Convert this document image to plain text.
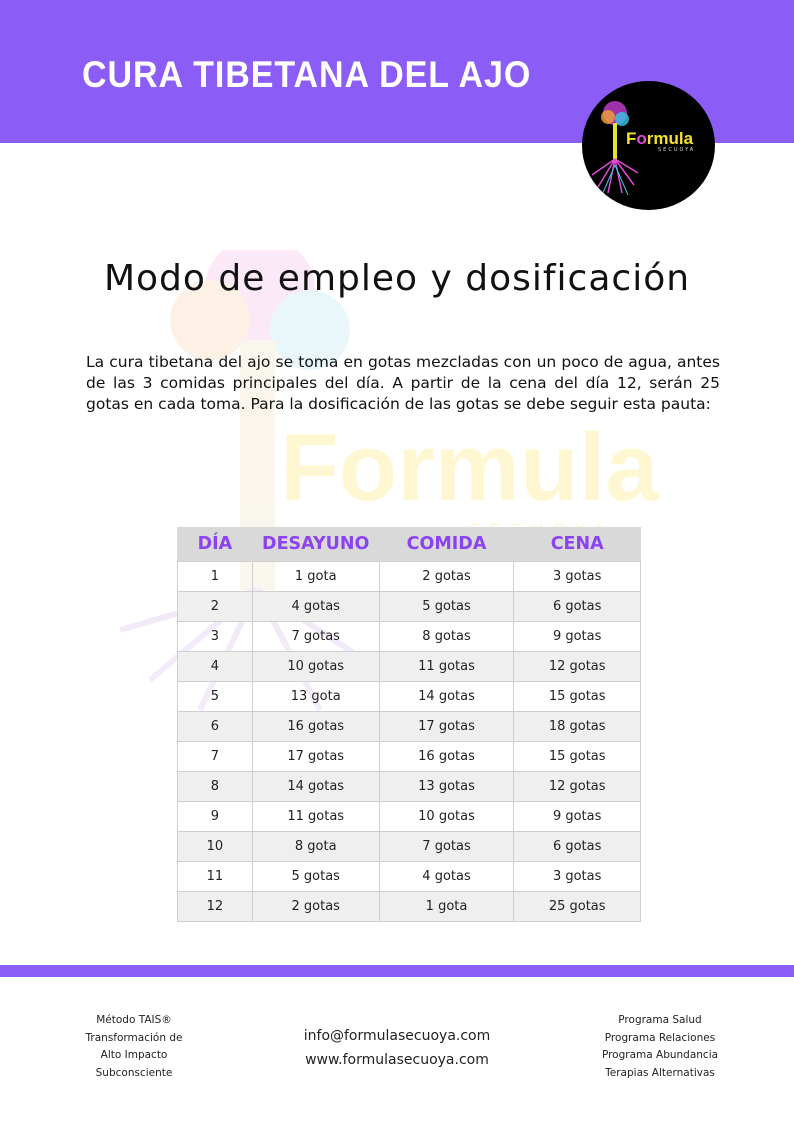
CURA TIBETANA DEL AJO
Formula
SECUOYA
Formula
Modo de empleo y dosificación
La cura tibetana del ajo se toma en gotas mezcladas con un poco de agua, antes de las 3 comidas principales del día. A partir de la cena del día 12, serán 25 gotas en cada toma. Para la dosificación de las gotas se debe seguir esta pauta:
DÍA	DESAYUNO	COMIDA	CENA
1	1 gota	2 gotas	3 gotas
2	4 gotas	5 gotas	6 gotas
3	7 gotas	8 gotas	9 gotas
4	10 gotas	11 gotas	12 gotas
5	13 gota	14 gotas	15 gotas
6	16 gotas	17 gotas	18 gotas
7	17 gotas	16 gotas	15 gotas
8	14 gotas	13 gotas	12 gotas
9	11 gotas	10 gotas	9 gotas
10	8 gota	7 gotas	6 gotas
11	5 gotas	4 gotas	3 gotas
12	2 gotas	1 gota	25 gotas
Método TAIS®
Transformación de
Alto Impacto
Subconsciente
info@formulasecuoya.com
www.formulasecuoya.com
Programa Salud
Programa Relaciones
Programa Abundancia
Terapias Alternativas
